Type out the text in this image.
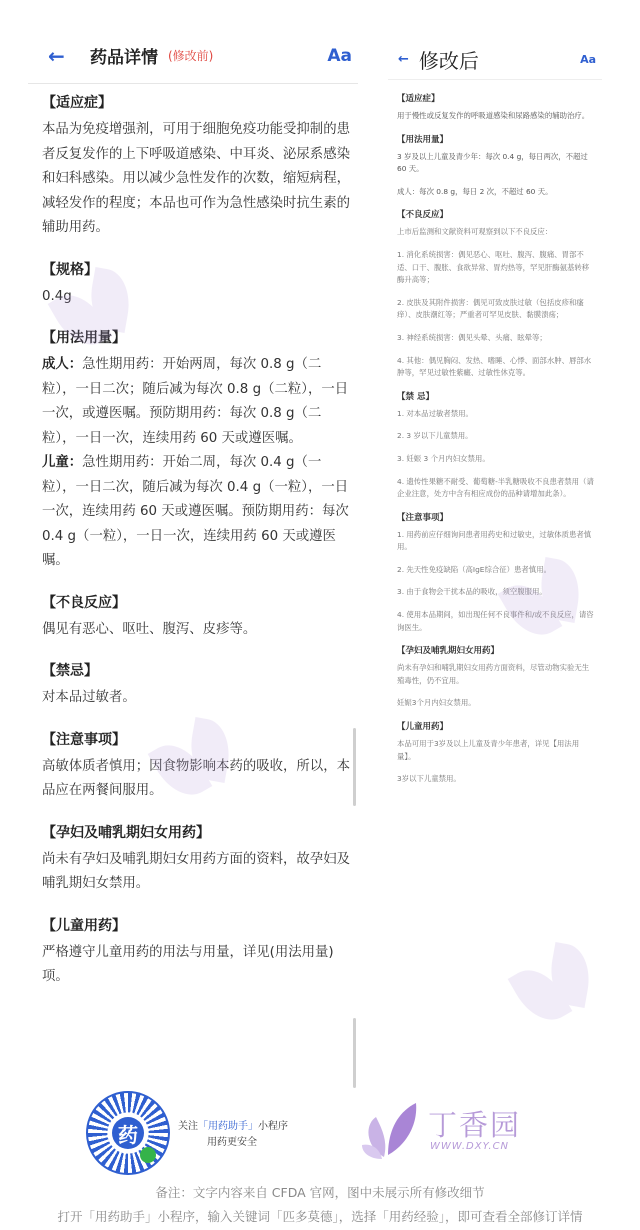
←	药品详情 (修改前)	Aa
【适应症】
本品为免疫增强剂，可用于细胞免疫功能受抑制的患者反复发作的上下呼吸道感染、中耳炎、泌尿系感染和妇科感染。用以减少急性发作的次数，缩短病程，减轻发作的程度；本品也可作为急性感染时抗生素的辅助用药。
【规格】
0.4g
【用法用量】
成人：急性期用药：开始两周，每次 0.8 g（二粒），一日二次；随后减为每次 0.8 g（二粒），一日一次，或遵医嘱。预防期用药：每次 0.8 g（二粒），一日一次，连续用药 60 天或遵医嘱。
儿童：急性期用药：开始二周，每次 0.4 g（一粒），一日二次，随后减为每次 0.4 g（一粒），一日一次，连续用药 60 天或遵医嘱。预防期用药：每次 0.4 g（一粒），一日一次，连续用药 60 天或遵医嘱。
【不良反应】
偶见有恶心、呕吐、腹泻、皮疹等。
【禁忌】
对本品过敏者。
【注意事项】
高敏体质者慎用；因食物影响本药的吸收，所以，本品应在两餐间服用。
【孕妇及哺乳期妇女用药】
尚未有孕妇及哺乳期妇女用药方面的资料，故孕妇及哺乳期妇女禁用。
【儿童用药】
严格遵守儿童用药的用法与用量，详见(用法用量)项。
← 修改后	Aa
【适应症】
用于慢性或反复发作的呼吸道感染和尿路感染的辅助治疗。
【用法用量】
3 岁及以上儿童及青少年：每次 0.4 g，每日两次，不超过 60 天。
成人：每次 0.8 g，每日 2 次，不超过 60 天。
【不良反应】
上市后监测和文献资料可观察到以下不良反应：
1. 消化系统损害：偶见恶心、呕吐、腹泻、腹痛、胃部不适、口干、腹胀、食欲异常、胃灼热等，罕见肝酶氨基转移酶升高等；
2. 皮肤及其附件损害：偶见可致皮肤过敏（包括皮疹和瘙痒）、皮肤潮红等；严重者可罕见皮肤、黏膜溃疡；
3. 神经系统损害：偶见头晕、头痛、眩晕等；
4. 其他：偶见胸闷、发热、嗜睡、心悸、面部水肿、唇部水肿等，罕见过敏性紫癜、过敏性休克等。
【禁 忌】
1. 对本品过敏者禁用。
2. 3 岁以下儿童禁用。
3. 妊娠 3 个月内妇女禁用。
4. 遗传性果糖不耐受、葡萄糖-半乳糖吸收不良患者禁用（请企业注意，处方中含有相应成份的品种请增加此条）。
【注意事项】
1. 用药前应仔细询问患者用药史和过敏史，过敏体质患者慎用。
2. 先天性免疫缺陷（高IgE综合征）患者慎用。
3. 由于食物会干扰本品的吸收，须空腹服用。
4. 使用本品期间，如出现任何不良事件和/或不良反应，请咨询医生。
【孕妇及哺乳期妇女用药】
尚未有孕妇和哺乳期妇女用药方面资料，尽管动物实验无生殖毒性，仍不宜用。
妊娠3个月内妇女禁用。
【儿童用药】
本品可用于3岁及以上儿童及青少年患者，详见【用法用量】。
3岁以下儿童禁用。
药	关注「用药助手」小程序
用药更安全
丁香园
WWW.DXY.CN
备注：文字内容来自 CFDA 官网，图中未展示所有修改细节
打开「用药助手」小程序，输入关键词「匹多莫德」，选择「用药经验」，即可查看全部修订详情
